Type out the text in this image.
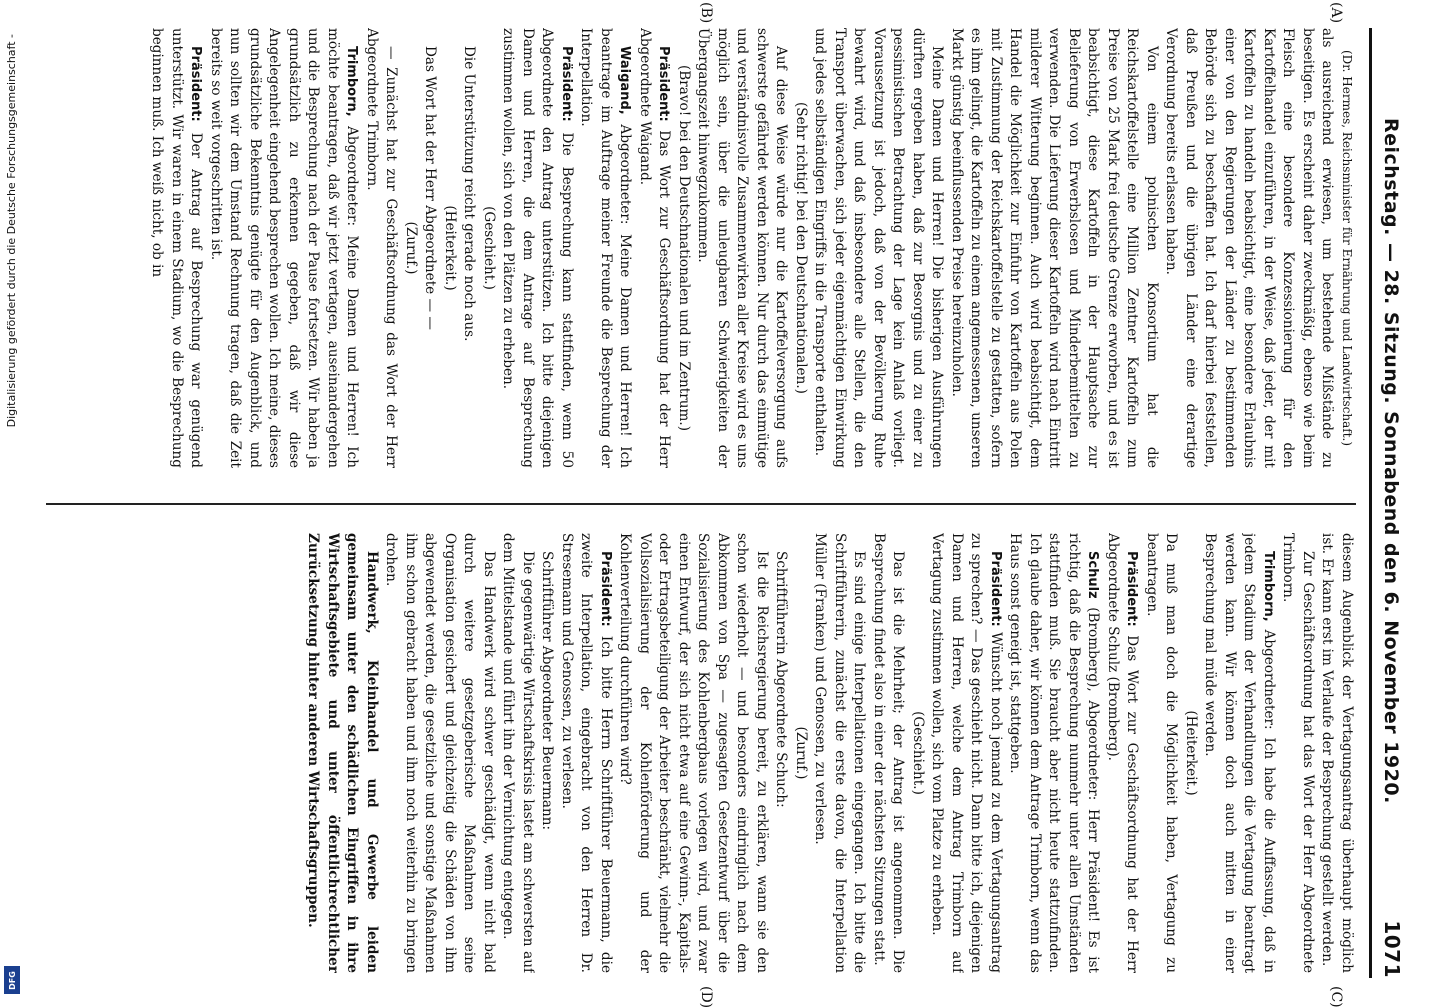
Reichstag. — 28. Sitzung. Sonnabend den 6. November 1920.
1071
(A)
(B)
(C)
(D)

(Dr. Hermes, Reichsminister für Ernährung und Landwirtschaft.)

als ausreichend erwiesen, um bestehende Mißstände zu beseitigen. Es erscheint daher zweckmäßig, ebenso wie beim Fleisch eine besondere Konzessionierung für den Kartoffelhandel einzuführen, in der Weise, daß jeder, der mit Kartoffeln zu handeln beabsichtigt, eine besondere Erlaubnis einer von den Regierungen der Länder zu bestimmenden Behörde sich zu beschaffen hat. Ich darf hierbei feststellen, daß Preußen und die übrigen Länder eine derartige Verordnung bereits erlassen haben.

Von einem polnischen Konsortium hat die Reichskartoffelstelle eine Million Zentner Kartoffeln zum Preise von 25 Mark frei deutsche Grenze erworben, und es ist beabsichtigt, diese Kartoffeln in der Hauptsache zur Belieferung von Erwerbslosen und Minderbemittelten zu verwenden. Die Lieferung dieser Kartoffeln wird nach Eintritt milderer Witterung beginnen. Auch wird beabsichtigt, dem Handel die Möglichkeit zur Einfuhr von Kartoffeln aus Polen mit Zustimmung der Reichskartoffelstelle zu gestatten, sofern es ihm gelingt, die Kartoffeln zu einem angemessenen, unseren Markt günstig beeinflussenden Preise hereinzuholen.

Meine Damen und Herren! Die bisherigen Ausführungen dürften ergeben haben, daß zur Besorgnis und zu einer zu pessimistischen Betrachtung der Lage kein Anlaß vorliegt. Voraussetzung ist jedoch, daß von der Bevölkerung Ruhe bewahrt wird, und daß insbesondere alle Stellen, die den Transport überwachen, sich jeder eigenmächtigen Einwirkung und jedes selbständigen Eingriffs in die Transporte enthalten.

(Sehr richtig! bei den Deutschnationalen.)

Auf diese Weise würde nur die Kartoffelversorgung aufs schwerste gefährdet werden können. Nur durch das einmütige und verständnisvolle Zusammenwirken aller Kreise wird es uns möglich sein, über die unleugbaren Schwierigkeiten der Übergangszeit hinwegzukommen.

(Bravo! bei den Deutschnationalen und im Zentrum.)

Präsident: Das Wort zur Geschäftsordnung hat der Herr Abgeordnete Waigand.

Waigand, Abgeordneter: Meine Damen und Herren! Ich beantrage im Auftrage meiner Freunde die Besprechung der Interpellation.

Präsident: Die Besprechung kann stattfinden, wenn 50 Abgeordnete den Antrag unterstützen. Ich bitte diejenigen Damen und Herren, die dem Antrage auf Besprechung zustimmen wollen, sich von den Plätzen zu erheben.

(Geschieht.)

Die Unterstützung reicht gerade noch aus.

(Heiterkeit.)

Das Wort hat der Herr Abgeordnete — —

(Zuruf.)

— Zunächst hat zur Geschäftsordnung das Wort der Herr Abgeordnete Trimborn.

Trimborn, Abgeordneter: Meine Damen und Herren! Ich möchte beantragen, daß wir jetzt vertagen, auseinandergehen und die Besprechung nach der Pause fortsetzen. Wir haben ja grundsätzlich zu erkennen gegeben, daß wir diese Angelegenheit eingehend besprechen wollen. Ich meine, dieses grundsätzliche Bekenntnis genügte für den Augenblick, und nun sollten wir dem Umstand Rechnung tragen, daß die Zeit bereits so weit vorgeschritten ist.

Präsident: Der Antrag auf Besprechung war genügend unterstützt. Wir waren in einem Stadium, wo die Besprechung beginnen muß. Ich weiß nicht, ob in

diesem Augenblick der Vertagungsantrag überhaupt möglich ist. Er kann erst im Verlaufe der Besprechung gestellt werden.

Zur Geschäftsordnung hat das Wort der Herr Abgeordnete Trimborn.

Trimborn, Abgeordneter: Ich habe die Auffassung, daß in jedem Stadium der Verhandlungen die Vertagung beantragt werden kann. Wir können doch auch mitten in einer Besprechung mal müde werden.

(Heiterkeit.)

Da muß man doch die Möglichkeit haben, Vertagung zu beantragen.

Präsident: Das Wort zur Geschäftsordnung hat der Herr Abgeordnete Schulz (Bromberg).

Schulz (Bromberg), Abgeordneter: Herr Präsident! Es ist richtig, daß die Besprechung nunmehr unter allen Umständen stattfinden muß. Sie braucht aber nicht heute stattzufinden. Ich glaube daher, wir können dem Antrage Trimborn, wenn das Haus sonst geneigt ist, stattgeben.

Präsident: Wünscht noch jemand zu dem Vertagungsantrag zu sprechen? — Das geschieht nicht. Dann bitte ich, diejenigen Damen und Herren, welche dem Antrag Trimborn auf Vertagung zustimmen wollen, sich vom Platze zu erheben.

(Geschieht.)

Das ist die Mehrheit; der Antrag ist angenommen. Die Besprechung findet also in einer der nächsten Sitzungen statt.

Es sind einige Interpellationen eingegangen. Ich bitte die Schriftführerin, zunächst die erste davon, die Interpellation Müller (Franken) und Genossen, zu verlesen.

(Zuruf.)

Schriftführerin Abgeordnete Schuch:

Ist die Reichsregierung bereit, zu erklären, wann sie den schon wiederholt — und besonders eindringlich nach dem Abkommen von Spa — zugesagten Gesetzentwurf über die Sozialisierung des Kohlenbergbaus vorlegen wird, und zwar einen Entwurf, der sich nicht etwa auf eine Gewinn-, Kapitals- oder Ertragsbeteiligung der Arbeiter beschränkt, vielmehr die Vollsozialisierung der Kohlenförderung und der Kohlenverteilung durchführen wird?

Präsident: Ich bitte Herrn Schriftführer Beuermann, die zweite Interpellation, eingebracht von den Herren Dr. Stresemann und Genossen, zu verlesen.

Schriftführer Abgeordneter Beuermann:

Die gegenwärtige Wirtschaftskrisis lastet am schwersten auf dem Mittelstande und führt ihn der Vernichtung entgegen.

Das Handwerk wird schwer geschädigt, wenn nicht bald durch weitere gesetzgeberische Maßnahmen seine Organisation gesichert und gleichzeitig die Schäden von ihm abgewendet werden, die gesetzliche und sonstige Maßnahmen ihm schon gebracht haben und ihm noch weiterhin zu bringen drohen.

Handwerk, Kleinhandel und Gewerbe leiden gemeinsam unter den schädlichen Eingriffen in ihre Wirtschaftsgebiete und unter öffentlichrechtlicher Zurücksetzung hinter anderen Wirtschaftsgruppen.

Digitalisierung gefördert durch die Deutsche Forschungsgemeinschaft -
DFG
